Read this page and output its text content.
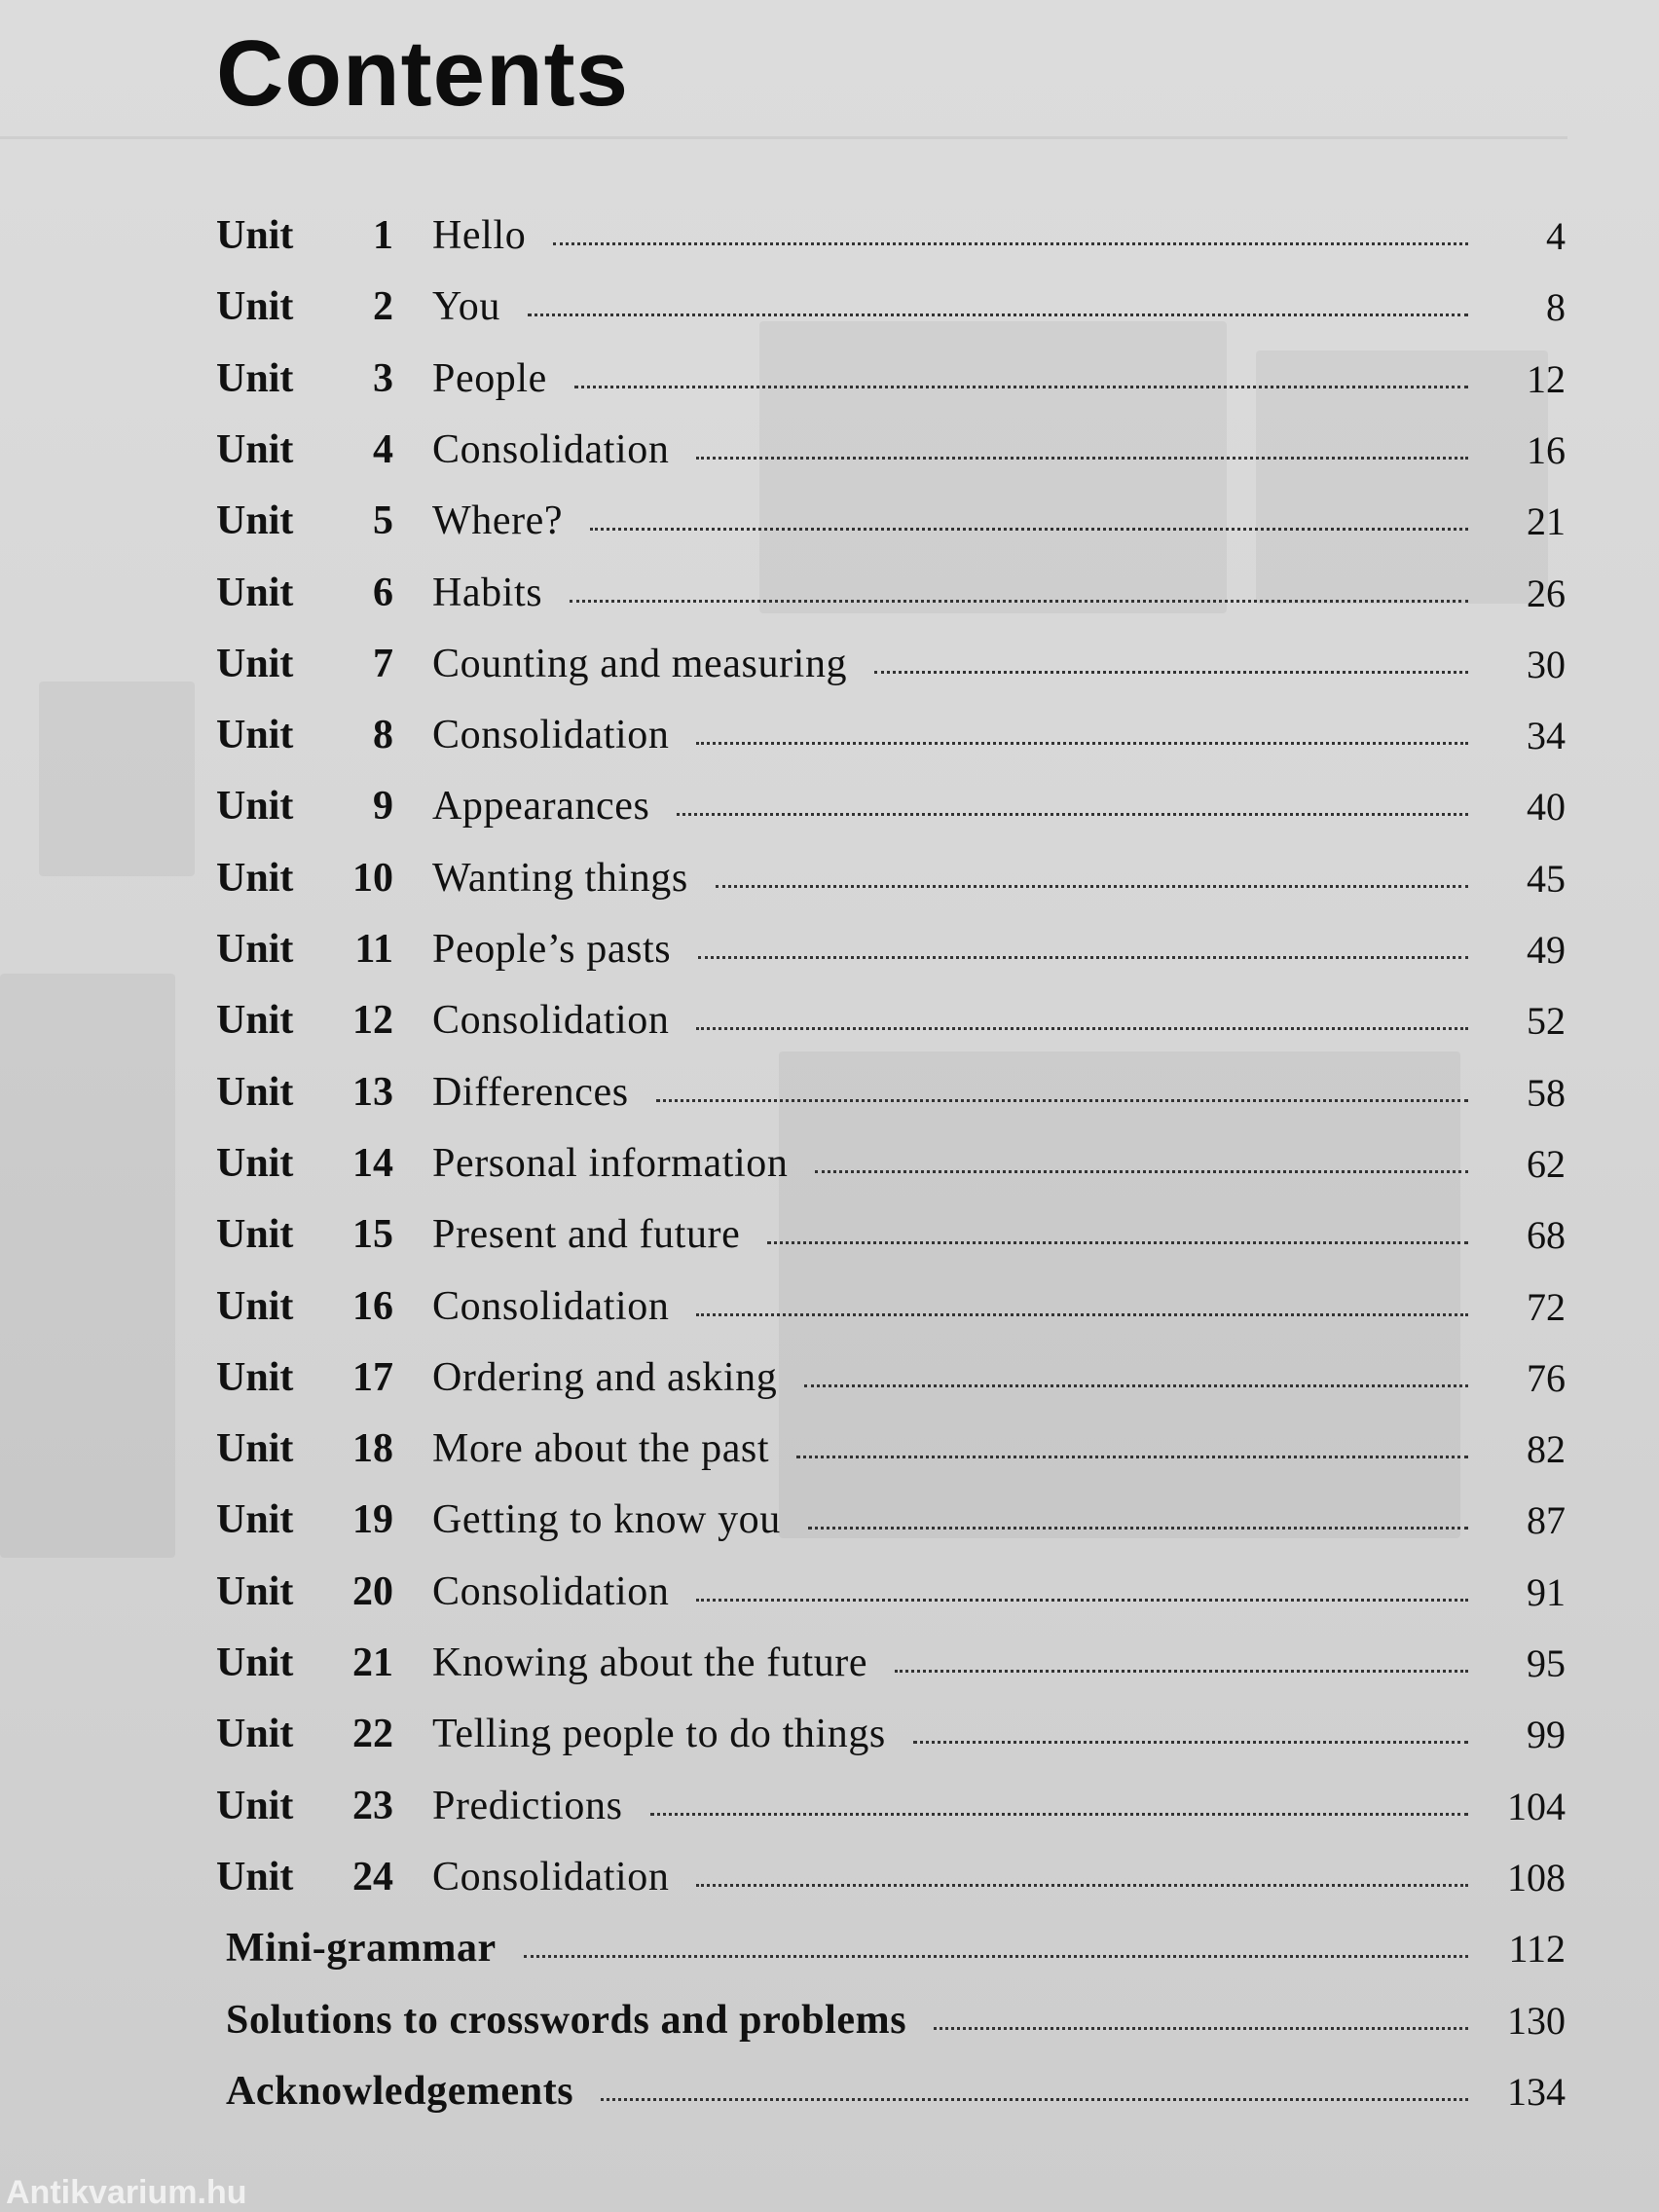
Contents
Unit 1 Hello	4
Unit 2 You	8
Unit 3 People	12
Unit 4 Consolidation	16
Unit 5 Where?	21
Unit 6 Habits	26
Unit 7 Counting and measuring	30
Unit 8 Consolidation	34
Unit 9 Appearances	40
Unit 10 Wanting things	45
Unit 11 People’s pasts	49
Unit 12 Consolidation	52
Unit 13 Differences	58
Unit 14 Personal information	62
Unit 15 Present and future	68
Unit 16 Consolidation	72
Unit 17 Ordering and asking	76
Unit 18 More about the past	82
Unit 19 Getting to know you	87
Unit 20 Consolidation	91
Unit 21 Knowing about the future	95
Unit 22 Telling people to do things	99
Unit 23 Predictions	104
Unit 24 Consolidation	108
Mini-grammar	112
Solutions to crosswords and problems	130
Acknowledgements	134
Antikvarium.hu
